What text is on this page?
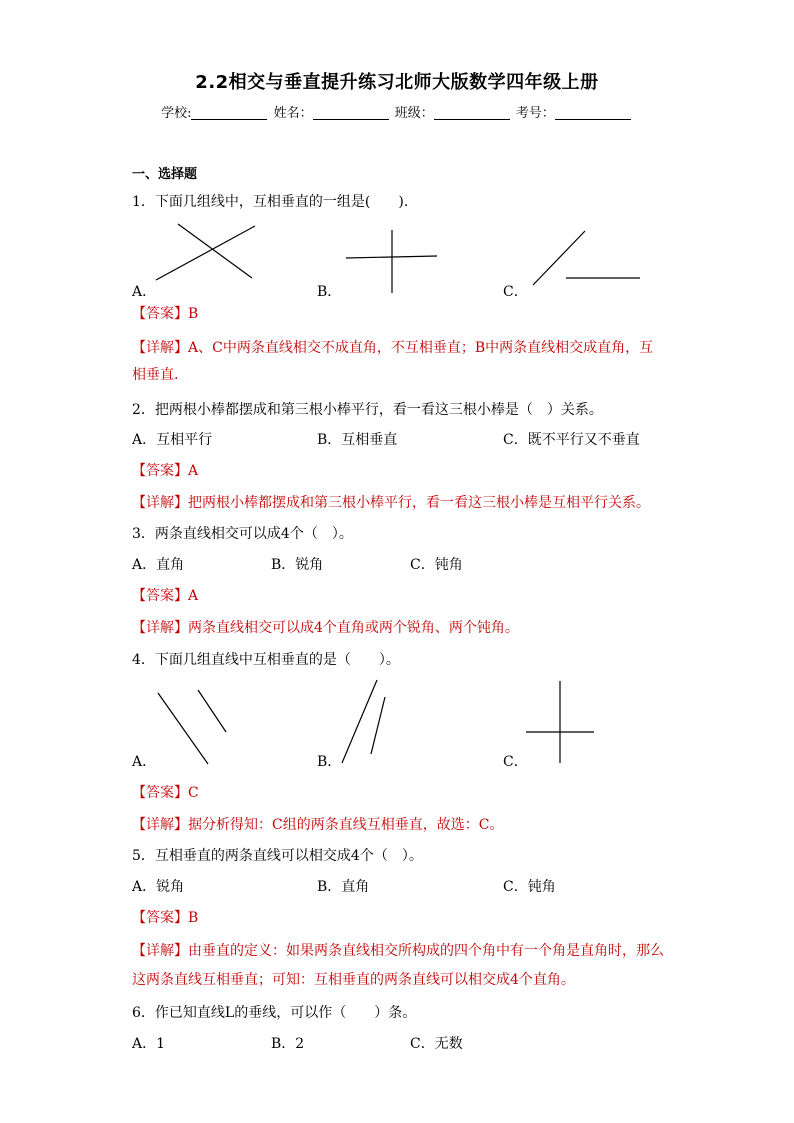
2.2相交与垂直提升练习北师大版数学四年级上册
学校:	姓名：	班级：	考号：
一、选择题
1．下面几组线中，互相垂直的一组是(　　).
A．	B．	C．
【答案】B
【详解】A、C中两条直线相交不成直角，不互相垂直；B中两条直线相交成直角，互
相垂直.
2．把两根小棒都摆成和第三根小棒平行，看一看这三根小棒是（　）关系。
A．互相平行	B．互相垂直	C．既不平行又不垂直
【答案】A
【详解】把两根小棒都摆成和第三根小棒平行，看一看这三根小棒是互相平行关系。
3．两条直线相交可以成4个（　）。
A．直角	B．锐角	C．钝角
【答案】A
【详解】两条直线相交可以成4个直角或两个锐角、两个钝角。
4．下面几组直线中互相垂直的是（　　）。
A．	B．	C．
【答案】C
【详解】据分析得知：C组的两条直线互相垂直，故选：C。
5．互相垂直的两条直线可以相交成4个（　）。
A．锐角	B．直角	C．钝角
【答案】B
【详解】由垂直的定义：如果两条直线相交所构成的四个角中有一个角是直角时，那么
这两条直线互相垂直；可知：互相垂直的两条直线可以相交成4个直角。
6．作已知直线L的垂线，可以作（　　）条。
A．1	B．2	C．无数
